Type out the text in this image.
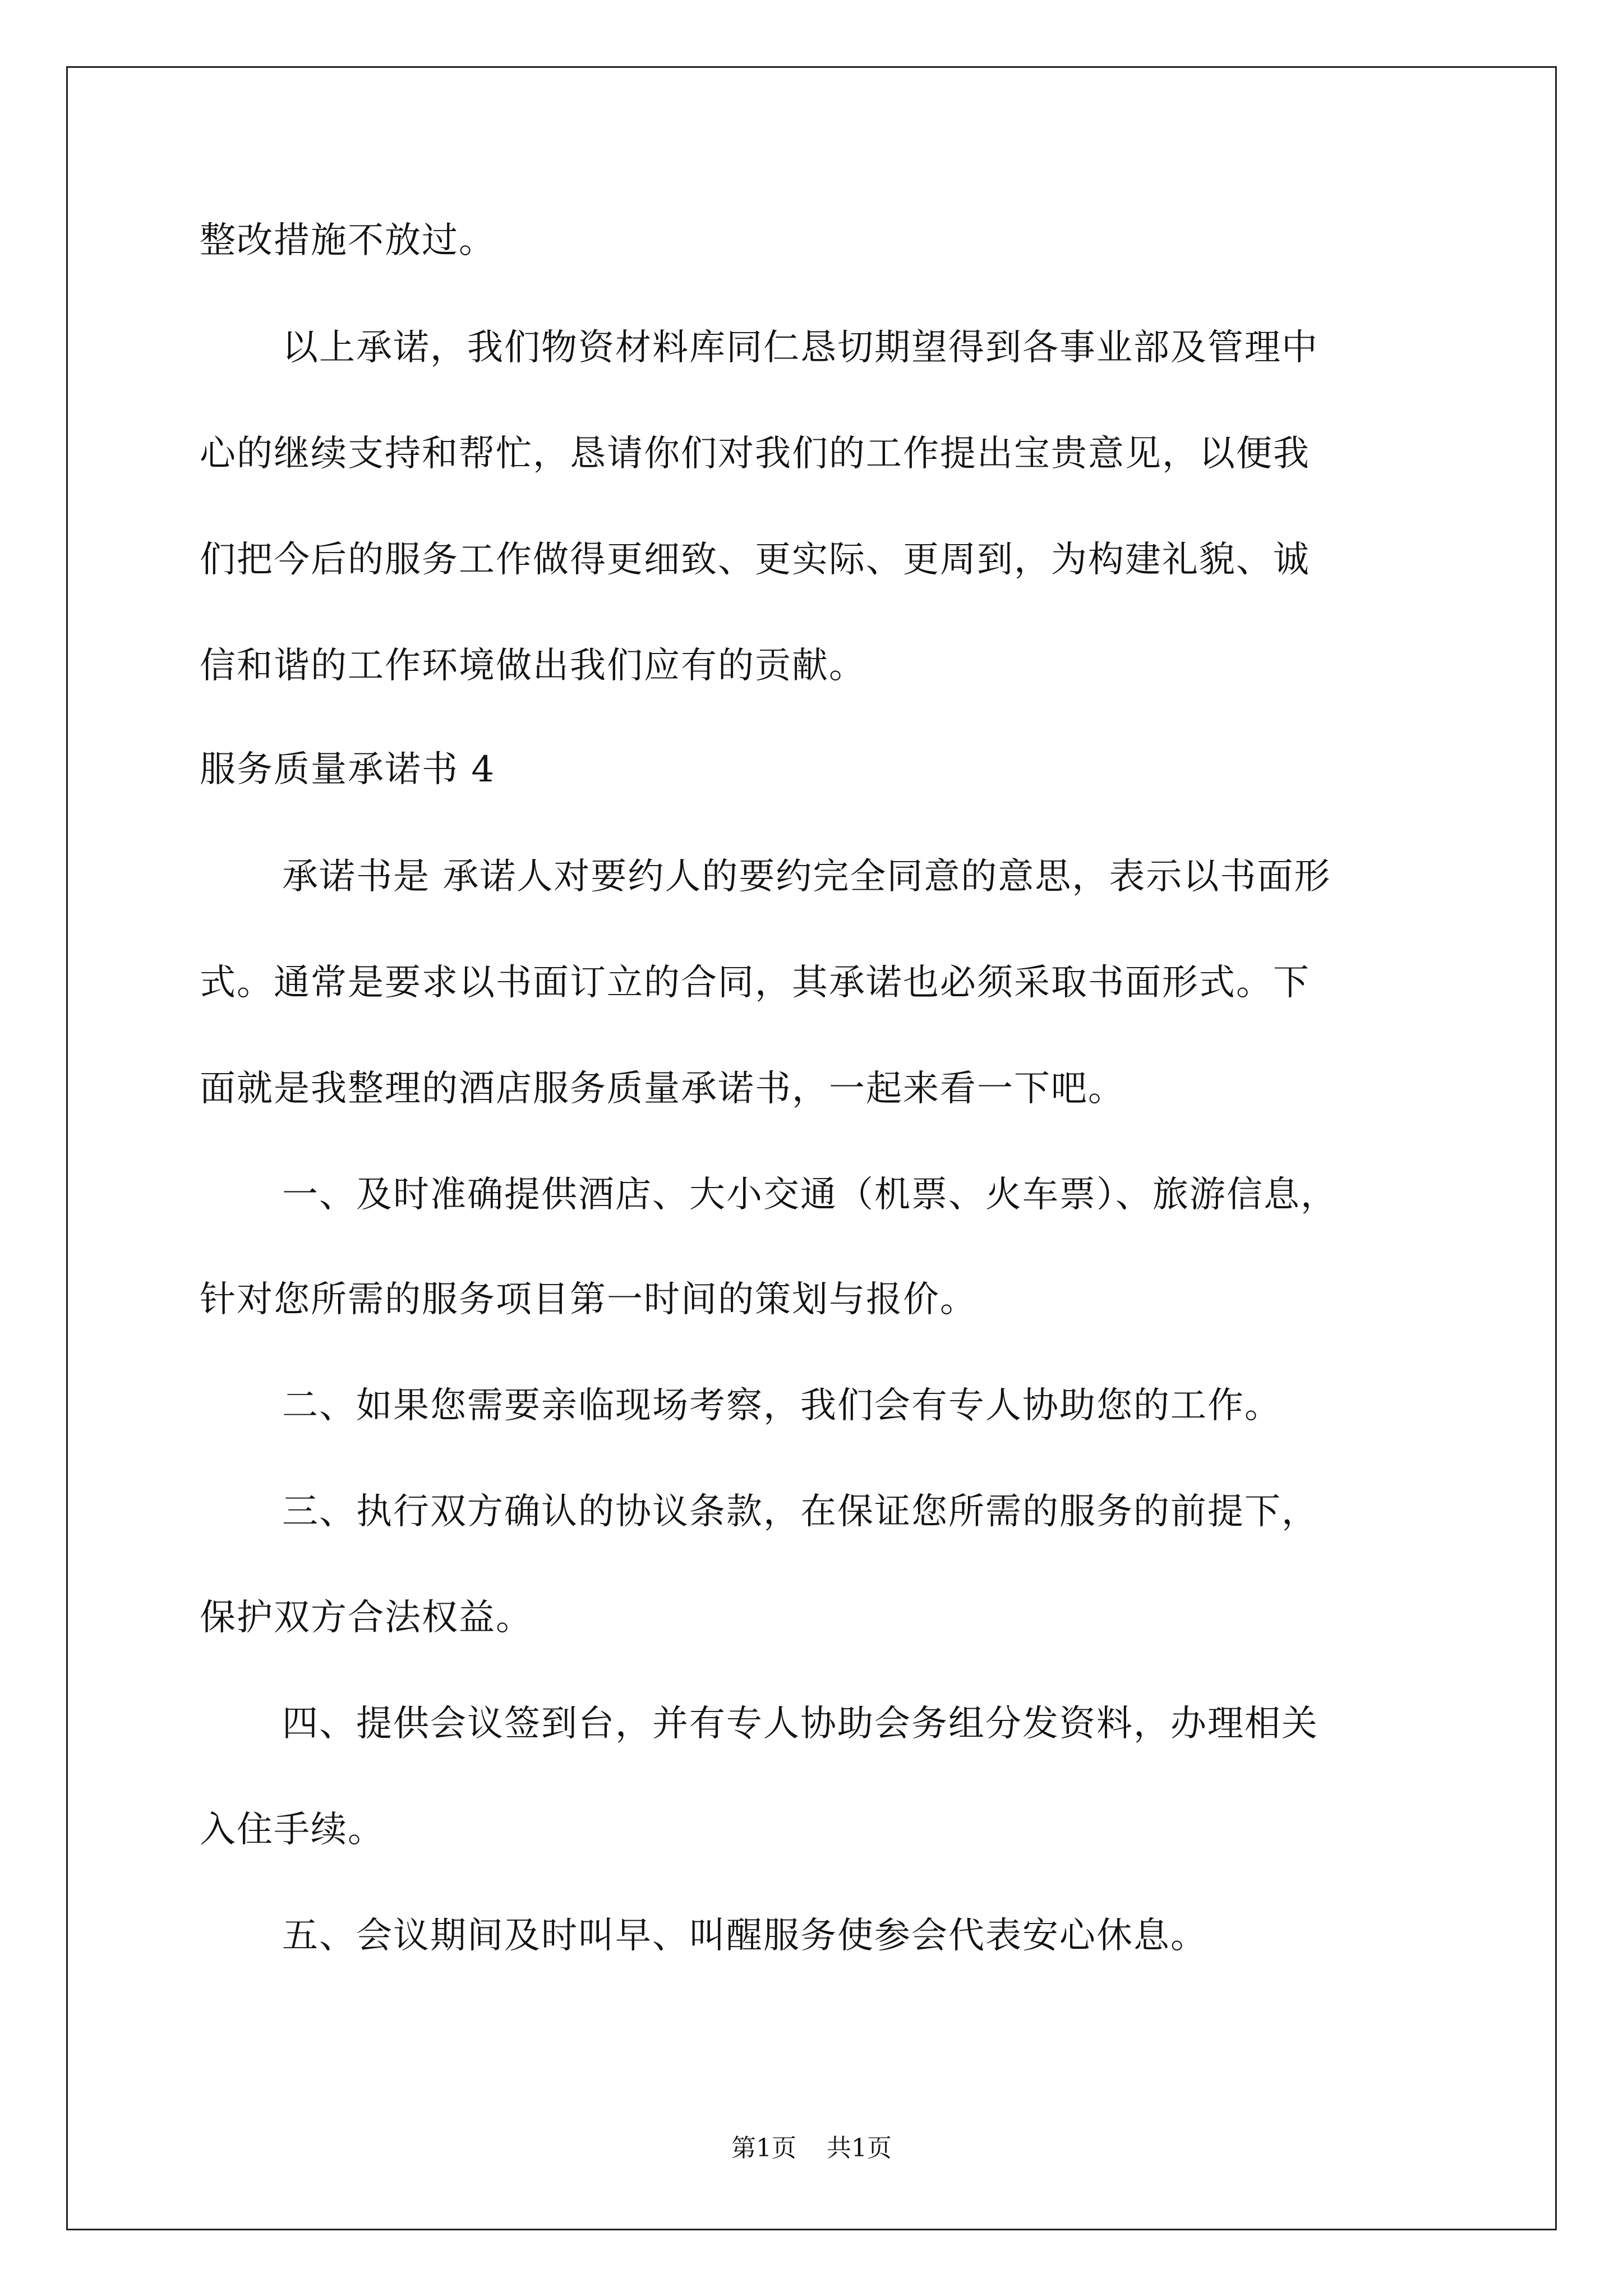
整改措施不放过。
以上承诺，我们物资材料库同仁恳切期望得到各事业部及管理中
心的继续支持和帮忙，恳请你们对我们的工作提出宝贵意见，以便我
们把今后的服务工作做得更细致、更实际、更周到，为构建礼貌、诚
信和谐的工作环境做出我们应有的贡献。
服务质量承诺书 4
承诺书是 承诺人对要约人的要约完全同意的意思，表示以书面形
式。通常是要求以书面订立的合同，其承诺也必须采取书面形式。下
面就是我整理的酒店服务质量承诺书，一起来看一下吧。
一、及时准确提供酒店、大小交通（机票、火车票）、旅游信息，
针对您所需的服务项目第一时间的策划与报价。
二、如果您需要亲临现场考察，我们会有专人协助您的工作。
三、执行双方确认的协议条款，在保证您所需的服务的前提下，
保护双方合法权益。
四、提供会议签到台，并有专人协助会务组分发资料，办理相关
入住手续。
五、会议期间及时叫早、叫醒服务使参会代表安心休息。
第1页 共1页
